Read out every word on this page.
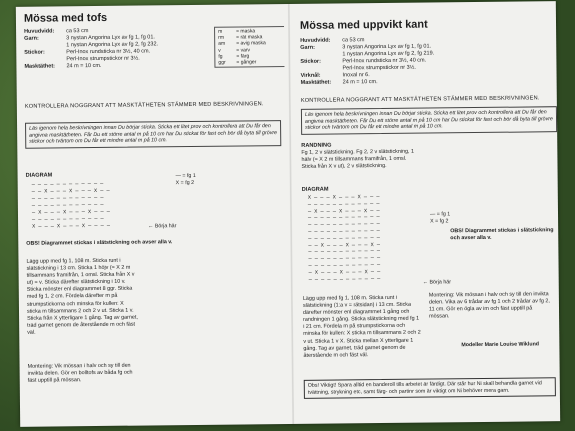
Mössa med tofs
Huvudvidd:	ca 53 cm
Garn:	3 nystan Angorina Lyx av fg 1, fg 01.
1 nystan Angorina Lyx av fg 2, fg 232.
Stickor:	Perl-Inox rundsticka nr 3½, 40 cm.
Perl-Inox strumpstickor nr 3½.
Masktäthet:	24 m = 10 cm.
m	= maska
rm	= rät maska
am	= avig maska
v	= varv
fg	= färg
ggr	= gånger
KONTROLLERA NOGGRANT ATT MASKTÄTHETEN STÄMMER MED BESKRIVNINGEN.
Läs igenom hela beskrivningen innan Du börjar sticka. Sticka ett litet prov och kontrollera att Du får den angivna masktätheten. Får Du ett större antal m på 10 cm har Du stickat för fast och bör då byta till grövre stickor och tvärtom om Du får ett mindre antal m på 10 cm.
DIAGRAM
— — — — — — — — — — — —
— — X — — — X — — — X — —
— — — — — — — — — — — —
— — — — — — — — — — — —
— X — — — X — — — X — — —
— — — — — — — — — — — —
X — — — X — — — X — — — —
— = fg 1
X = fg 2
← Börja här
OBS! Diagrammet stickas i slätstickning och avser alla v.
Lägg upp med fg 1, 108 m. Sticka runt i slätstickning i 13 cm. Sticka 1 höjv (= X 2 m tillsammans framifrån, 1 omsl. Sticka från X v ut) = v. Sticka därefter slätstickning i 10 v. Sticka mönster enl diagrammet 8 ggr. Sticka med fg 1, 2 cm. Fördela därefter m på strumpstickorna och minska för kullen: X sticka m tillsammans 2 och 2 v ut. Sticka 1 v. Sticka från X ytterligare 1 gång. Tag av garnet, träd garnet genom de återstående m och fäst väl.
Montering: Vik mössan i halv och sy till den invikta delen. Gör en bolltofs av båda fg och fäst upptill på mössan.
Mössa med uppvikt kant
Huvudvidd:	ca 53 cm
Garn:	3 nystan Angorina Lyx av fg 1, fg 01.
1 nystan Angorina Lyx av fg 2, fg 219.
Stickor:	Perl-Inox rundsticka nr 3½, 40 cm.
Perl-Inox strumpstickor nr 3½.
Virknål:	Inoxal nr 6.
Masktäthet:	24 m = 10 cm.
KONTROLLERA NOGGRANT ATT MASKTÄTHETEN STÄMMER MED BESKRIVNINGEN.
Läs igenom hela beskrivningen innan Du börjar sticka. Sticka ett litet prov och kontrollera att Du får den angivna masktätheten. Får Du ett större antal m på 10 cm har Du stickat för fast och bör då byta till grövre stickor och tvärtom om Du får ett mindre antal m på 10 cm.
RANDNING
Fg 1, 2 v slätstickning. Fg 2, 2 v slätstickning, 1 hälv (= X 2 m tillsammans framifrån, 1 omsl. Sticka från X v ut), 2 v slätstickning.
DIAGRAM
X — — — X — — — X — — —
— — — — — — — — — — — —
— X — — — X — — — X — —
— — — — — — — — — — — —
— — — — — — — — — — — —
— — — — — — — — — — — —
— — — — — — — — — — — —
— — X — — — X — — — X —
— — — — — — — — — — — —
— — — — — — — — — — — —
— — — — — — — — — — — —
— X — — — X — — — X — —
— — — — — — — — — — — —
— = fg 1
X = fg 2
OBS! Diagrammet stickas i slätstickning och avser alla v.
← Börja här
Lägg upp med fg 1, 108 m. Sticka runt i slätstickning (1:a v = rätsidan) i 13 cm. Sticka därefter mönster enl diagrammet 1 gång och randningen 1 gång. Sticka slätstickning med fg 1 i 21 cm. Fördela m på strumpstickorna och minska för kullen: X sticka m tillsammans 2 och 2 v ut. Sticka 1 v X. Sticka mellan X ytterligare 1 gång. Tag av garnet, träd garnet genom de återstående m och fäst väl.
Montering: Vik mössan i halv och sy till den invikta delen. Vika av 6 trådar av fg 1 och 2 trådar av fg 2, 11 cm. Gör en ögla av im och fäst upptill på mössan.
Modeller Marie Louise Wiklund
Obs! Viktigt! Spara alltid en banderoll tills arbetet är färdigt. Där står hur Ni skall behandla garnet vid tvättning, strykning etc, samt färg- och partinr som är viktigt om Ni behöver mera garn.
